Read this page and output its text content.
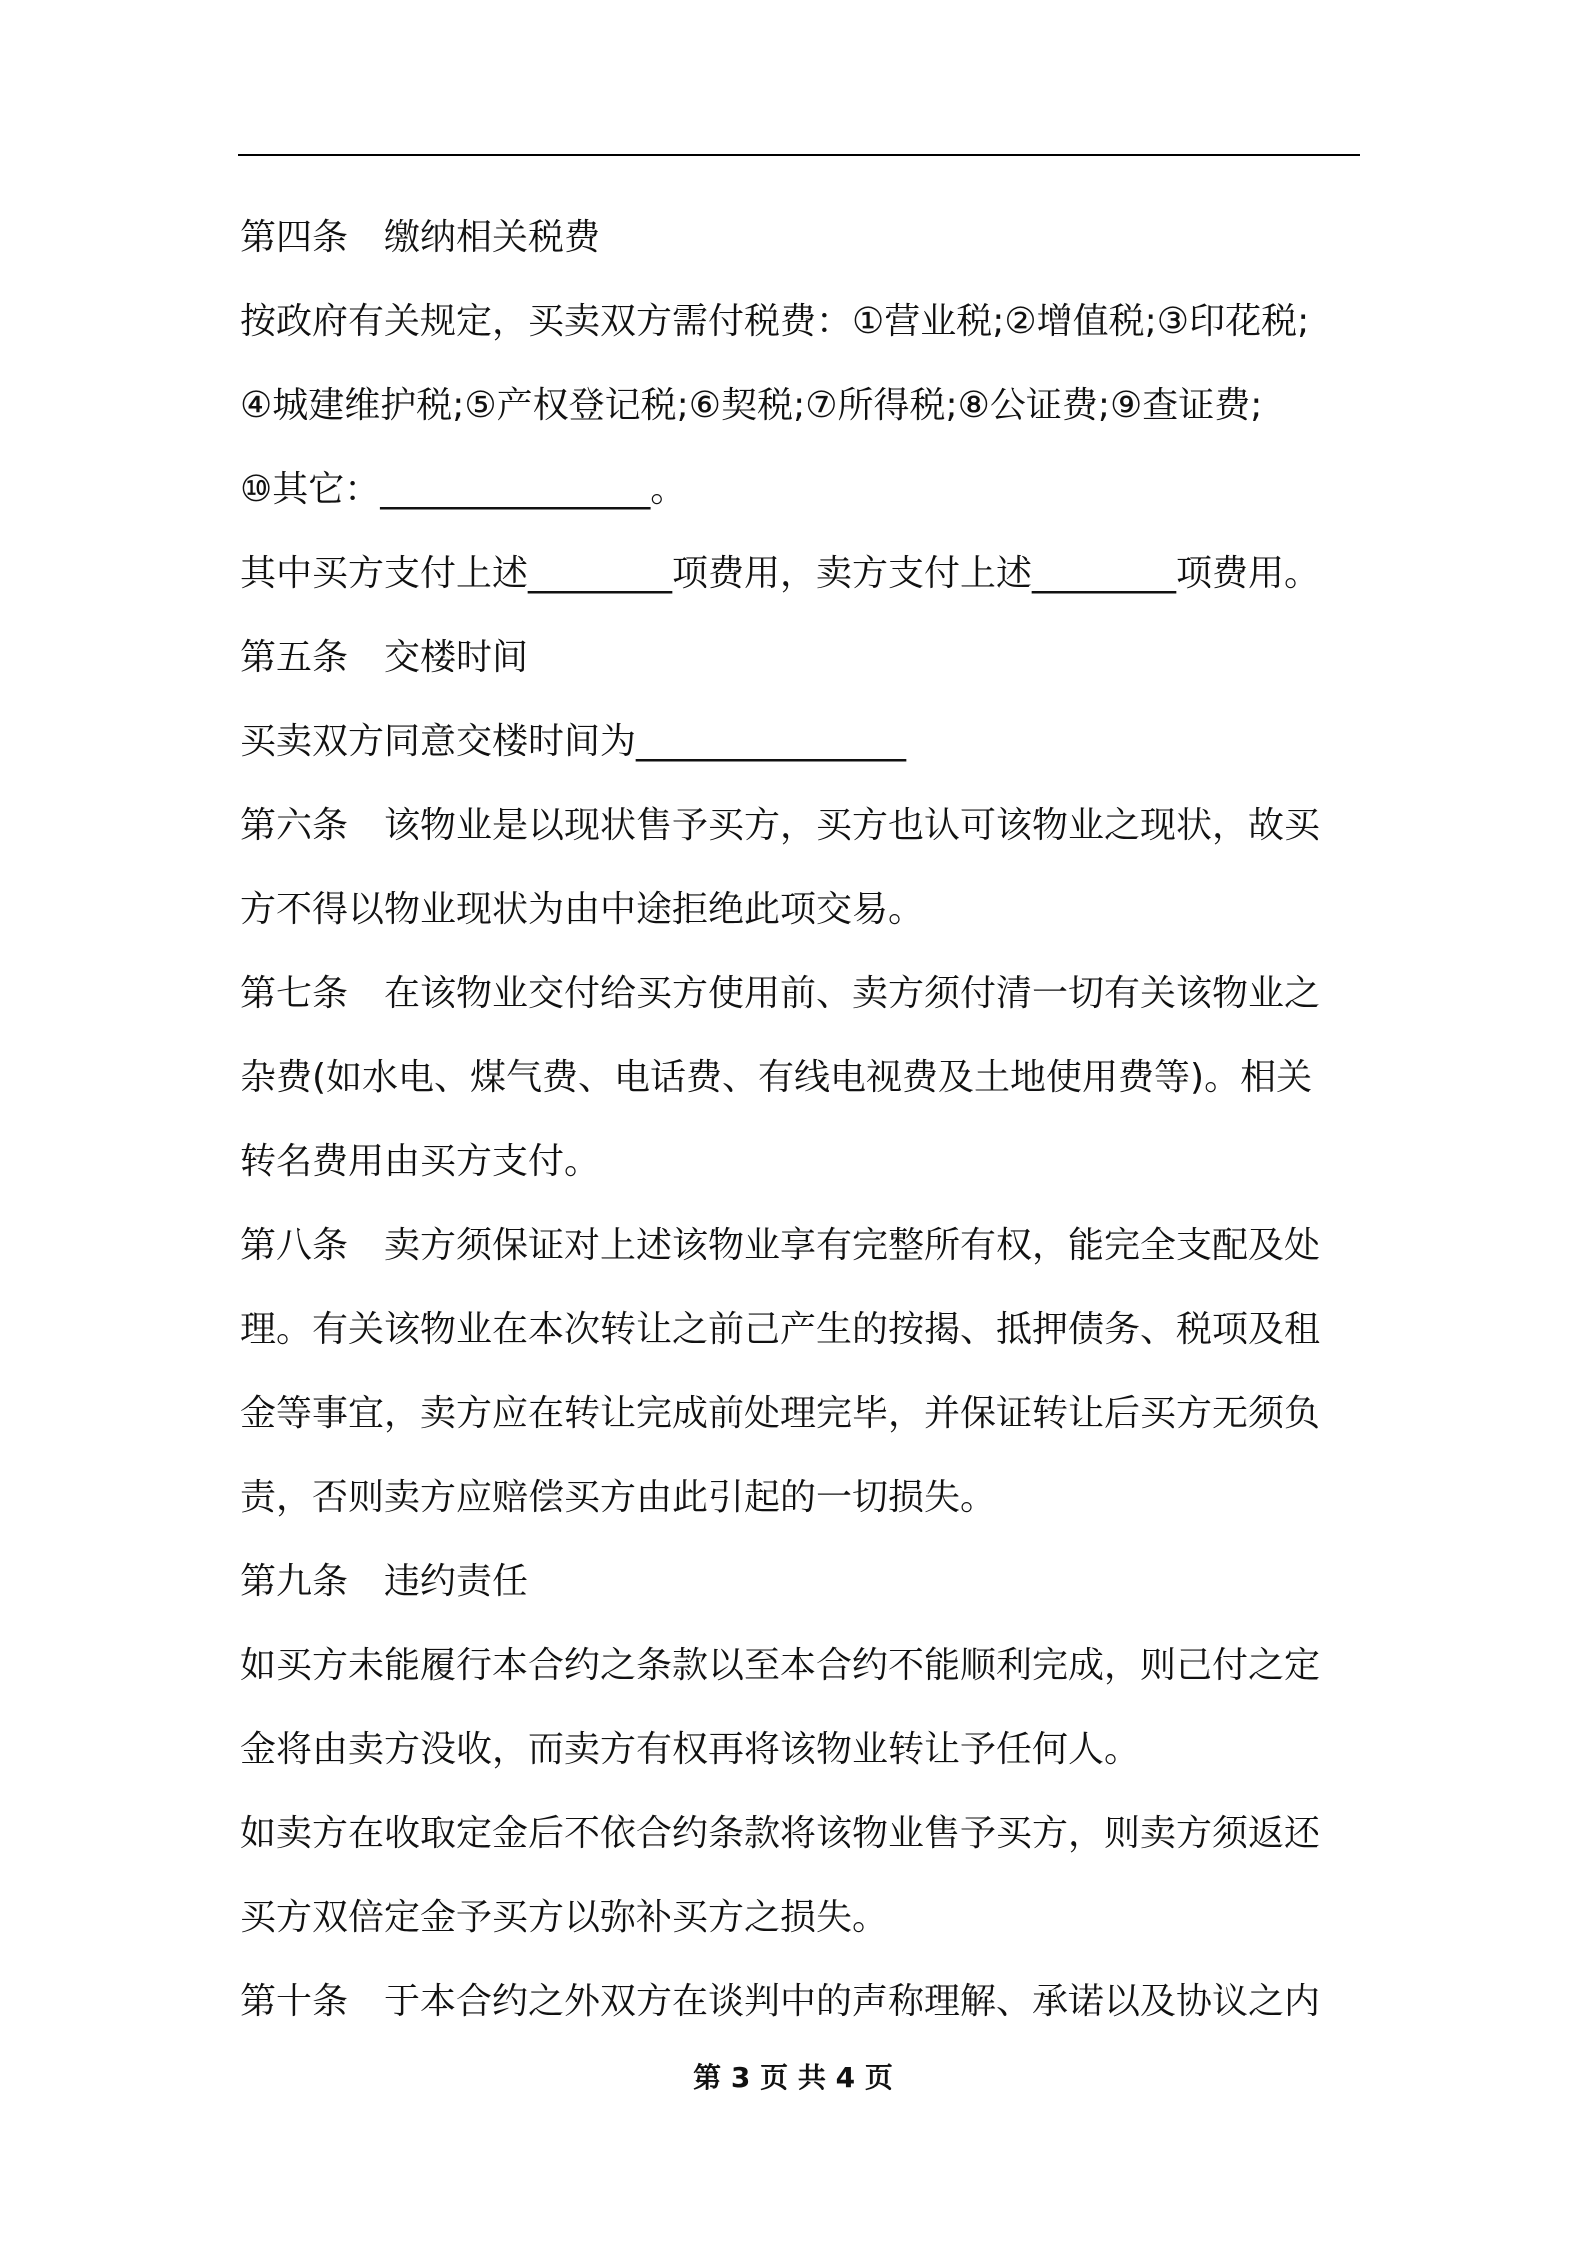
第四条　缴纳相关税费
按政府有关规定，买卖双方需付税费：①营业税;②增值税;③印花税;
④城建维护税;⑤产权登记税;⑥契税;⑦所得税;⑧公证费;⑨查证费;
⑩其它：_______________。
其中买方支付上述________项费用，卖方支付上述________项费用。
第五条　交楼时间
买卖双方同意交楼时间为_______________
第六条　该物业是以现状售予买方，买方也认可该物业之现状，故买
方不得以物业现状为由中途拒绝此项交易。
第七条　在该物业交付给买方使用前、卖方须付清一切有关该物业之
杂费(如水电、煤气费、电话费、有线电视费及土地使用费等)。相关
转名费用由买方支付。
第八条　卖方须保证对上述该物业享有完整所有权，能完全支配及处
理。有关该物业在本次转让之前己产生的按揭、抵押债务、税项及租
金等事宜，卖方应在转让完成前处理完毕，并保证转让后买方无须负
责，否则卖方应赔偿买方由此引起的一切损失。
第九条　违约责任
如买方未能履行本合约之条款以至本合约不能顺利完成，则己付之定
金将由卖方没收，而卖方有权再将该物业转让予任何人。
如卖方在收取定金后不依合约条款将该物业售予买方，则卖方须返还
买方双倍定金予买方以弥补买方之损失。
第十条　于本合约之外双方在谈判中的声称理解、承诺以及协议之内
第 3 页 共 4 页
